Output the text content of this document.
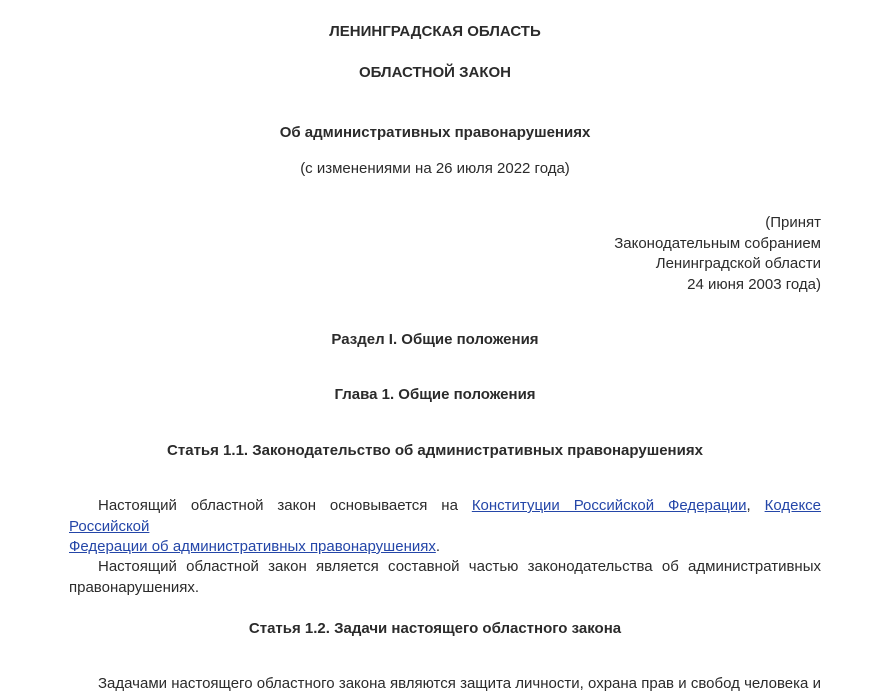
ЛЕНИНГРАДСКАЯ ОБЛАСТЬ
ОБЛАСТНОЙ ЗАКОН
Об административных правонарушениях
(с изменениями на 26 июля 2022 года)
(Принят
Законодательным собранием
Ленинградской области
24 июня 2003 года)
Раздел I. Общие положения
Глава 1. Общие положения
Статья 1.1. Законодательство об административных правонарушениях
Настоящий областной закон основывается на Конституции Российской Федерации, Кодексе Российской
Федерации об административных правонарушениях.
Настоящий областной закон является составной частью законодательства об административных
правонарушениях.
Статья 1.2. Задачи настоящего областного закона
Задачами настоящего областного закона являются защита личности, охрана прав и свобод человека и
